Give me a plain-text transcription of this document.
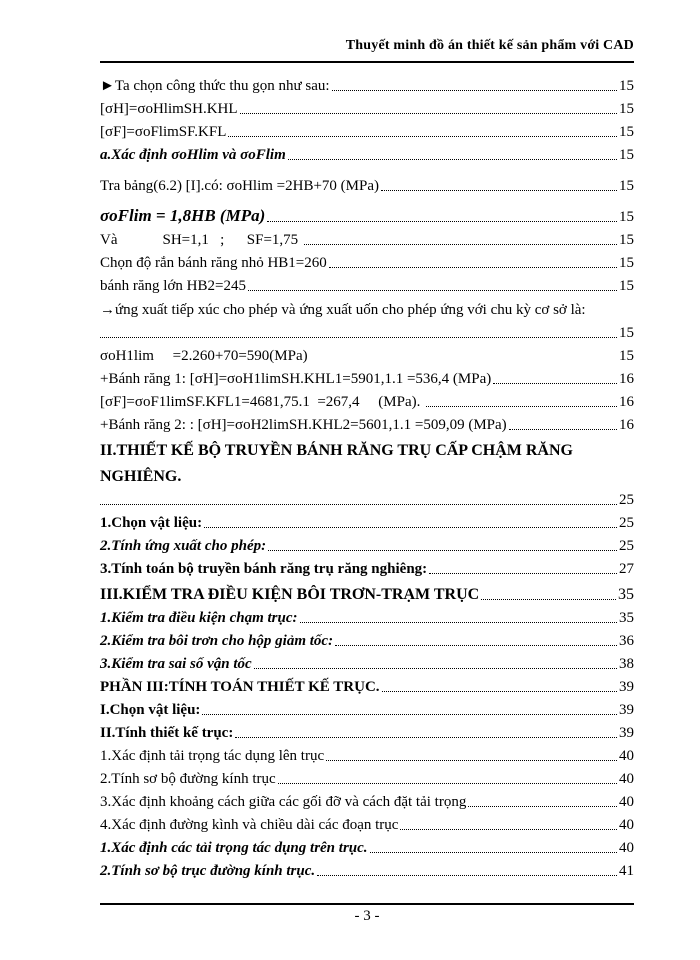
Thuyết minh đồ án thiết kế sản phẩm với CAD
►Ta chọn công thức thu gọn như sau:	15
[σH]=σoHlimSH.KHL	15
[σF]=σoFlimSF.KFL	15
a.Xác định σoHlim và σoFlim	15
Tra bảng(6.2) [I].có: σoHlim =2HB+70 (MPa)	15
σoFlim = 1,8HB (MPa)	15
Và            SH=1,1   ;      SF=1,75	15
Chọn độ rắn bánh răng nhỏ HB1=260	15
bánh răng lớn HB2=245	15
→ứng xuất tiếp xúc cho phép và ứng xuất uốn cho phép ứng với chu kỳ cơ sở là:
15
σoH1lim     =2.260+70=590(MPa)	15
+Bánh răng 1: [σH]=σoH1limSH.KHL1=5901,1.1 =536,4 (MPa)	16
[σF]=σoF1limSF.KFL1=4681,75.1  =267,4     (MPa).	16
+Bánh răng 2: : [σH]=σoH2limSH.KHL2=5601,1.1 =509,09 (MPa)	16
II.THIẾT KẾ BỘ TRUYỀN BÁNH RĂNG TRỤ CẤP CHẬM RĂNG NGHIÊNG.
25
1.Chọn vật liệu:	25
2.Tính ứng xuất cho phép:	25
3.Tính toán bộ truyền bánh răng trụ răng nghiêng:	27
III.KIỂM TRA ĐIỀU KIỆN BÔI TRƠN-TRẠM TRỤC	35
1.Kiểm tra điều kiện chạm trục:	35
2.Kiểm tra bôi trơn cho hộp giảm tốc:	36
3.Kiểm tra sai số vận tốc	38
PHẦN III:TÍNH TOÁN THIẾT KẾ TRỤC.	39
I.Chọn vật liệu:	39
II.Tính thiết kế trục:	39
1.Xác định tải trọng tác dụng lên trục	40
2.Tính sơ bộ đường kính trục	40
3.Xác định khoảng cách giữa các gối đỡ và cách đặt tải trọng	40
4.Xác định đường kình và chiều dài các đoạn trục	40
1.Xác định các tải trọng tác dụng trên trục.	40
2.Tính sơ bộ trục đường kính trục.	41
- 3 -
